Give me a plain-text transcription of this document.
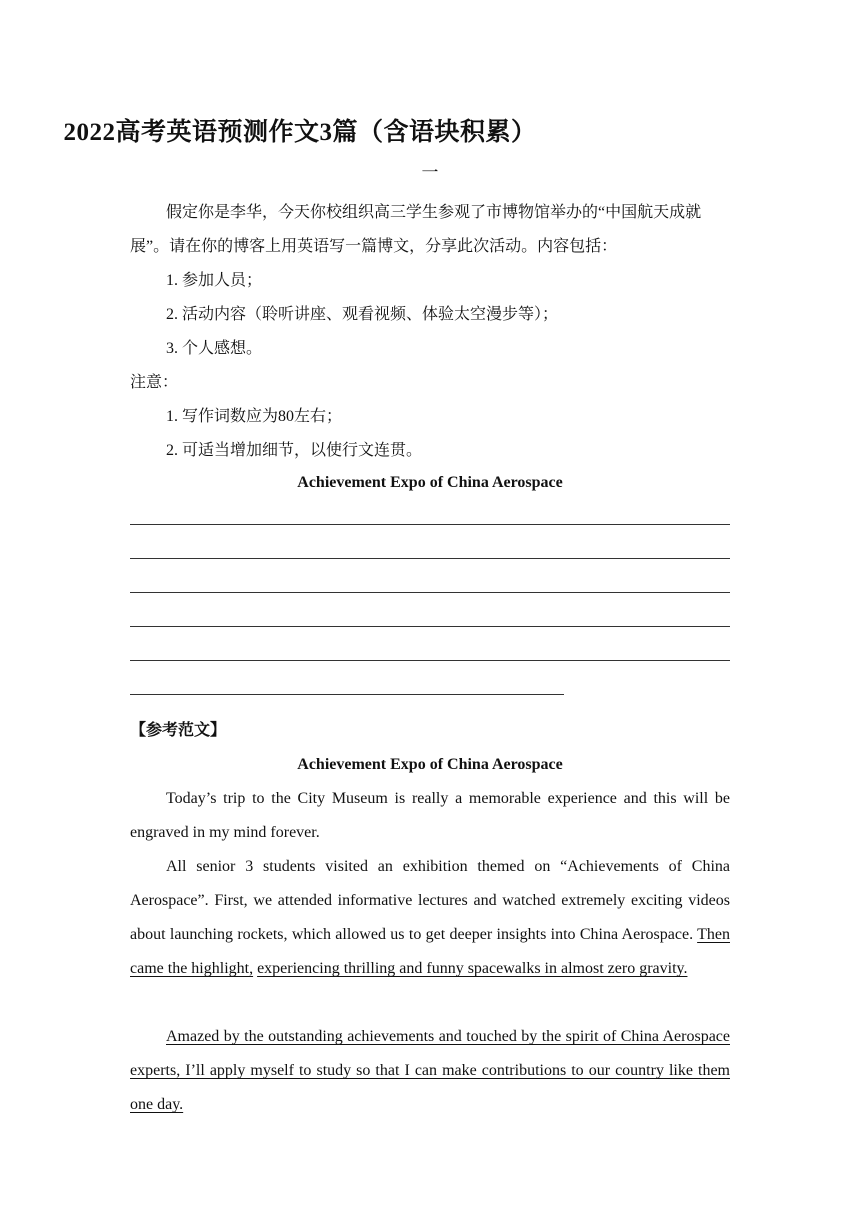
2022高考英语预测作文3篇（含语块积累）
一
假定你是李华，今天你校组织高三学生参观了市博物馆举办的“中国航天成就展”。请在你的博客上用英语写一篇博文，分享此次活动。内容包括：
1. 参加人员；
2. 活动内容（聆听讲座、观看视频、体验太空漫步等）；
3. 个人感想。
注意：
1. 写作词数应为80左右；
2. 可适当增加细节，以使行文连贯。
Achievement Expo of China Aerospace
【参考范文】
Achievement Expo of China Aerospace
Today’s trip to the City Museum is really a memorable experience and this will be engraved in my mind forever.
All senior 3 students visited an exhibition themed on “Achievements of China Aerospace”. First, we attended informative lectures and watched extremely exciting videos about launching rockets, which allowed us to get deeper insights into China Aerospace. Then came the highlight, experiencing thrilling and funny spacewalks in almost zero gravity.
Amazed by the outstanding achievements and touched by the spirit of China Aerospace experts, I’ll apply myself to study so that I can make contributions to our country like them one day.
